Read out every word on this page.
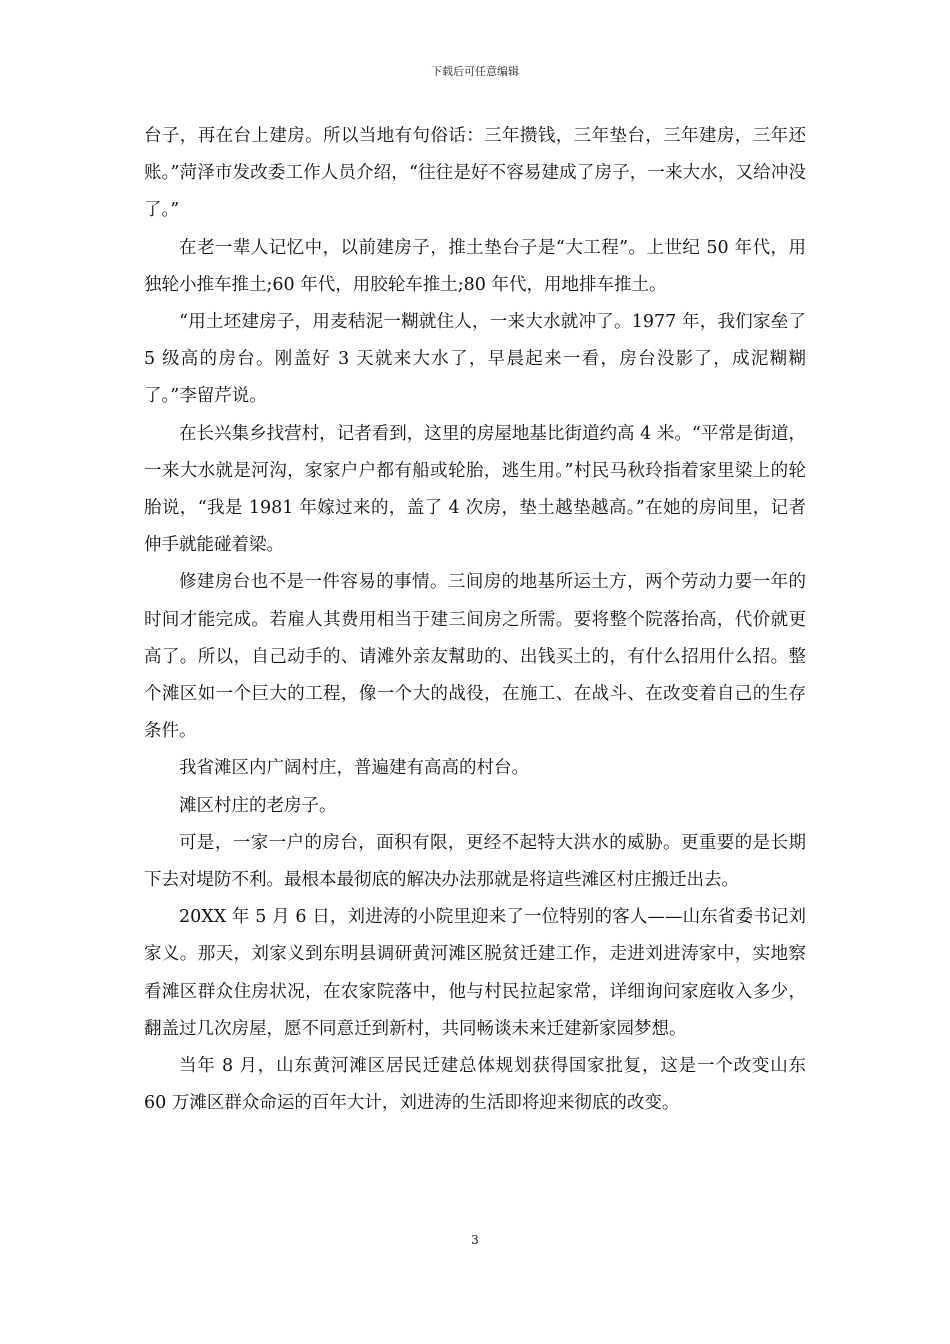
下载后可任意编辑

台子，再在台上建房。所以当地有句俗话：三年攒钱，三年垫台，三年建房，三年还账。”菏泽市发改委工作人员介绍，“往往是好不容易建成了房子，一来大水，又给冲没了。”

在老一辈人记忆中，以前建房子，推土垫台子是“大工程”。上世纪 50 年代，用独轮小推车推土;60 年代，用胶轮车推土;80 年代，用地排车推土。

“用土坯建房子，用麦秸泥一糊就住人，一来大水就冲了。1977 年，我们家垒了 5 级高的房台。刚盖好 3 天就来大水了，早晨起来一看，房台没影了，成泥糊糊了。”李留芹说。

在长兴集乡找营村，记者看到，这里的房屋地基比街道约高 4 米。“平常是街道，一来大水就是河沟，家家户户都有船或轮胎，逃生用。”村民马秋玲指着家里梁上的轮胎说，“我是 1981 年嫁过来的，盖了 4 次房，垫土越垫越高。”在她的房间里，记者伸手就能碰着梁。

修建房台也不是一件容易的事情。三间房的地基所运土方，两个劳动力要一年的时间才能完成。若雇人其费用相当于建三间房之所需。要将整个院落抬高，代价就更高了。所以，自己动手的、请滩外亲友幫助的、出钱买土的，有什么招用什么招。整个滩区如一个巨大的工程，像一个大的战役，在施工、在战斗、在改变着自己的生存条件。

我省滩区内广阔村庄，普遍建有高高的村台。

滩区村庄的老房子。

可是，一家一户的房台，面积有限，更经不起特大洪水的威胁。更重要的是长期下去对堤防不利。最根本最彻底的解决办法那就是将這些滩区村庄搬迁出去。

20XX 年 5 月 6 日，刘进涛的小院里迎来了一位特别的客人——山东省委书记刘家义。那天，刘家义到东明县调研黄河滩区脱贫迁建工作，走进刘进涛家中，实地察看滩区群众住房状况，在农家院落中，他与村民拉起家常，详细询问家庭收入多少，翻盖过几次房屋，愿不同意迁到新村，共同畅谈未来迁建新家园梦想。

当年 8 月，山东黄河滩区居民迁建总体规划获得国家批复，这是一个改变山东 60 万滩区群众命运的百年大计，刘进涛的生活即将迎来彻底的改变。

3
